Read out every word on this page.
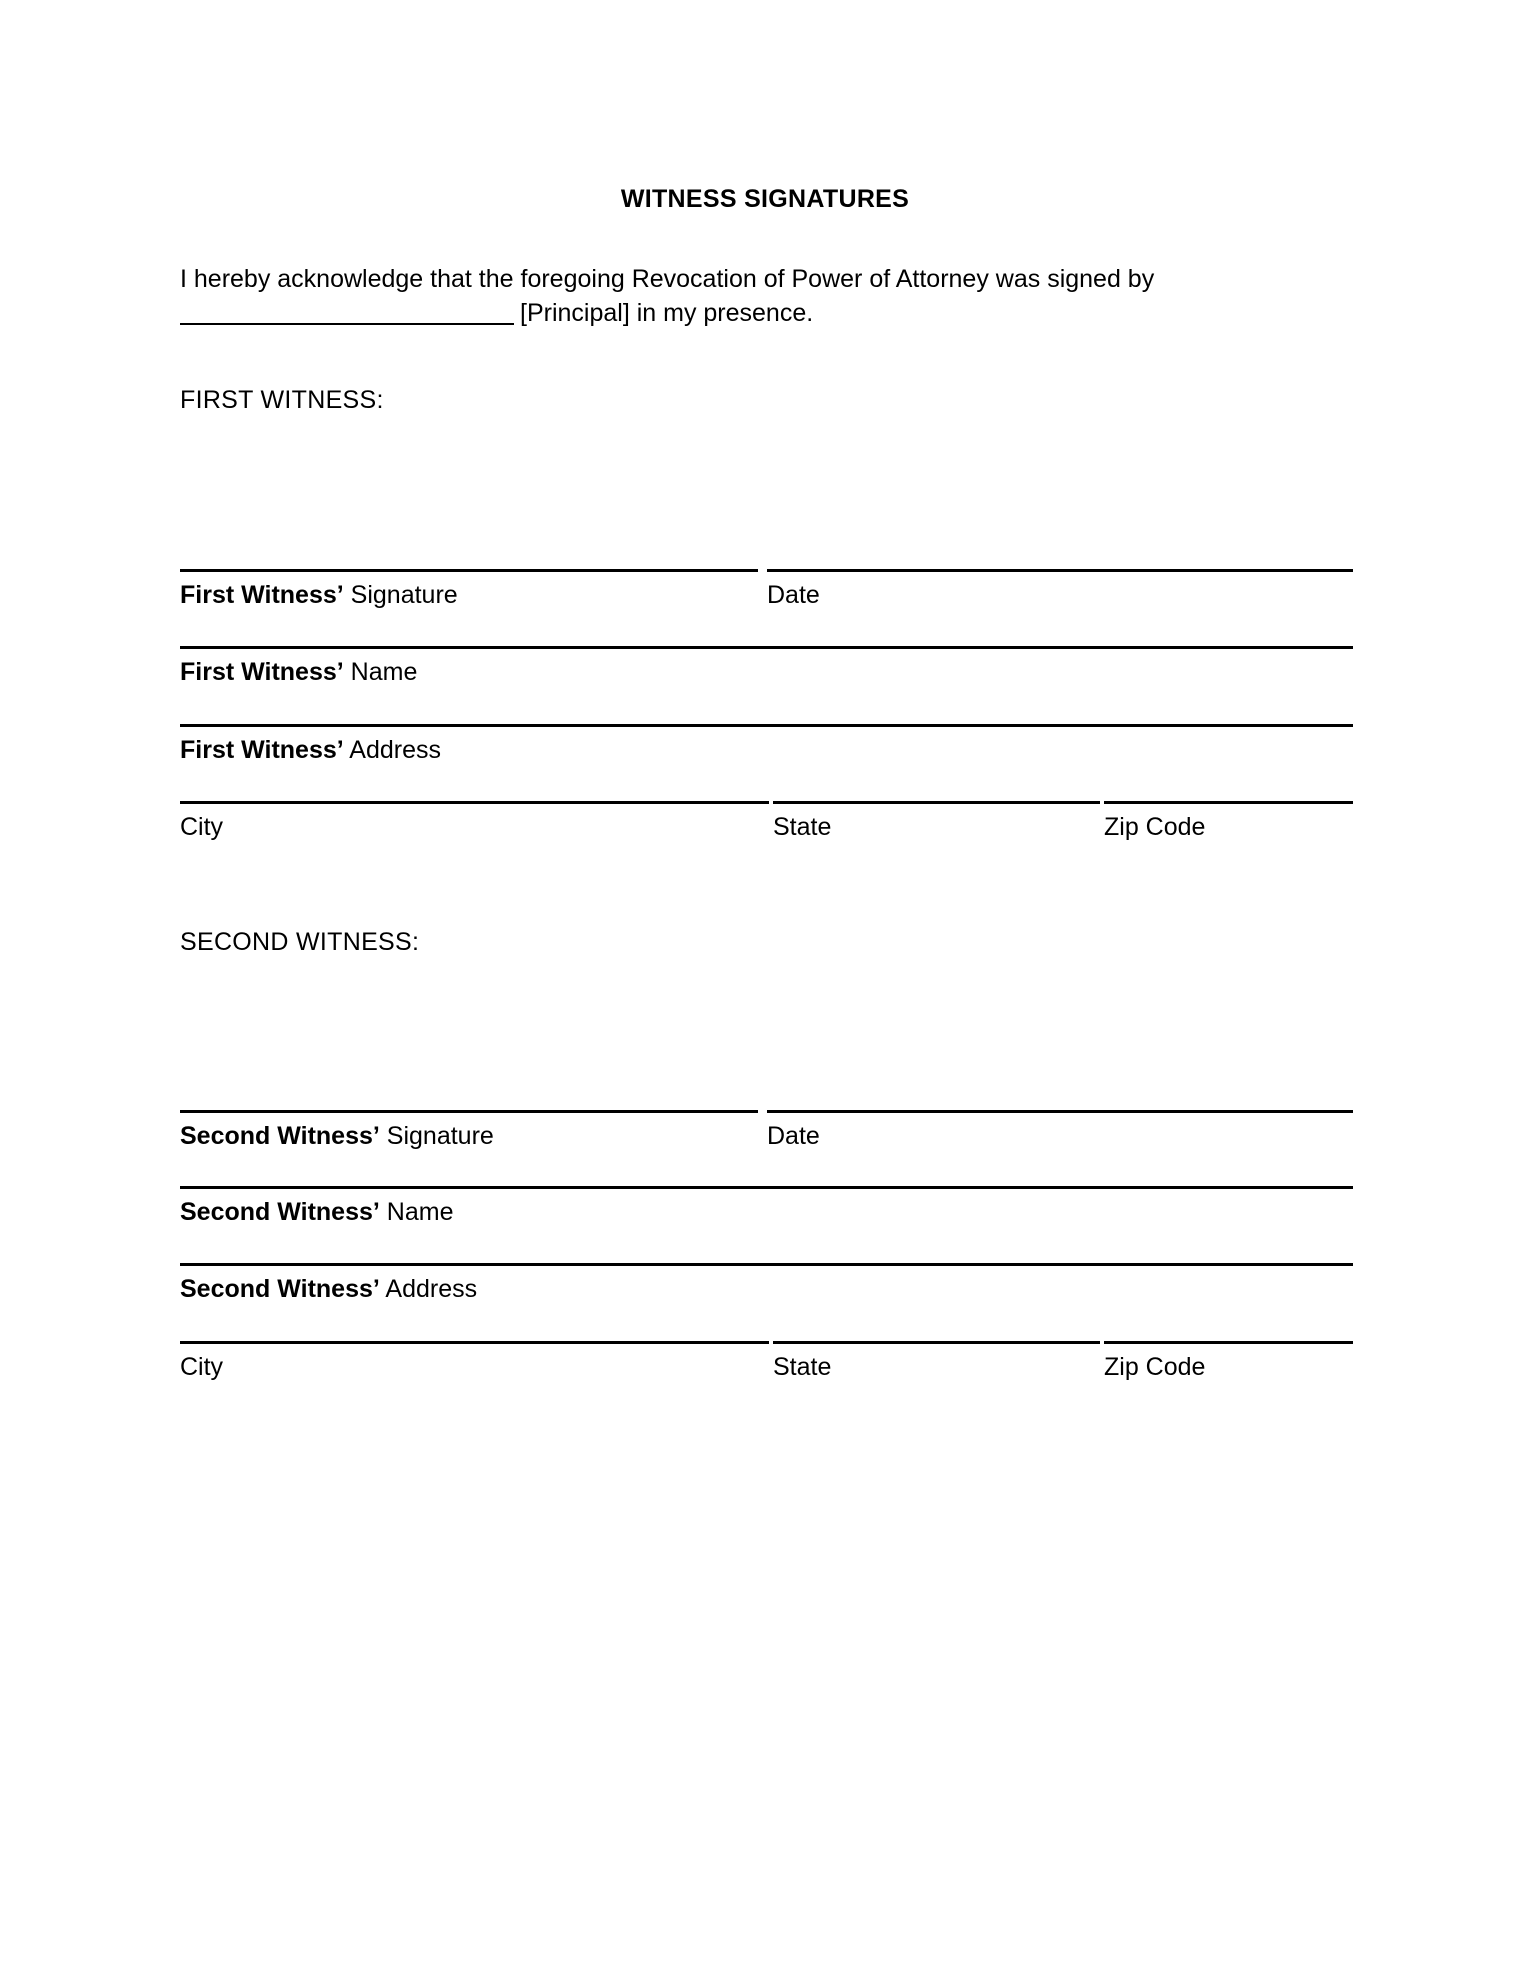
WITNESS SIGNATURES
I hereby acknowledge that the foregoing Revocation of Power of Attorney was signed by
[Principal] in my presence.
FIRST WITNESS:
First Witness’ Signature	Date
First Witness’ Name
First Witness’ Address
City	State	Zip Code
SECOND WITNESS:
Second Witness’ Signature	Date
Second Witness’ Name
Second Witness’ Address
City	State	Zip Code
